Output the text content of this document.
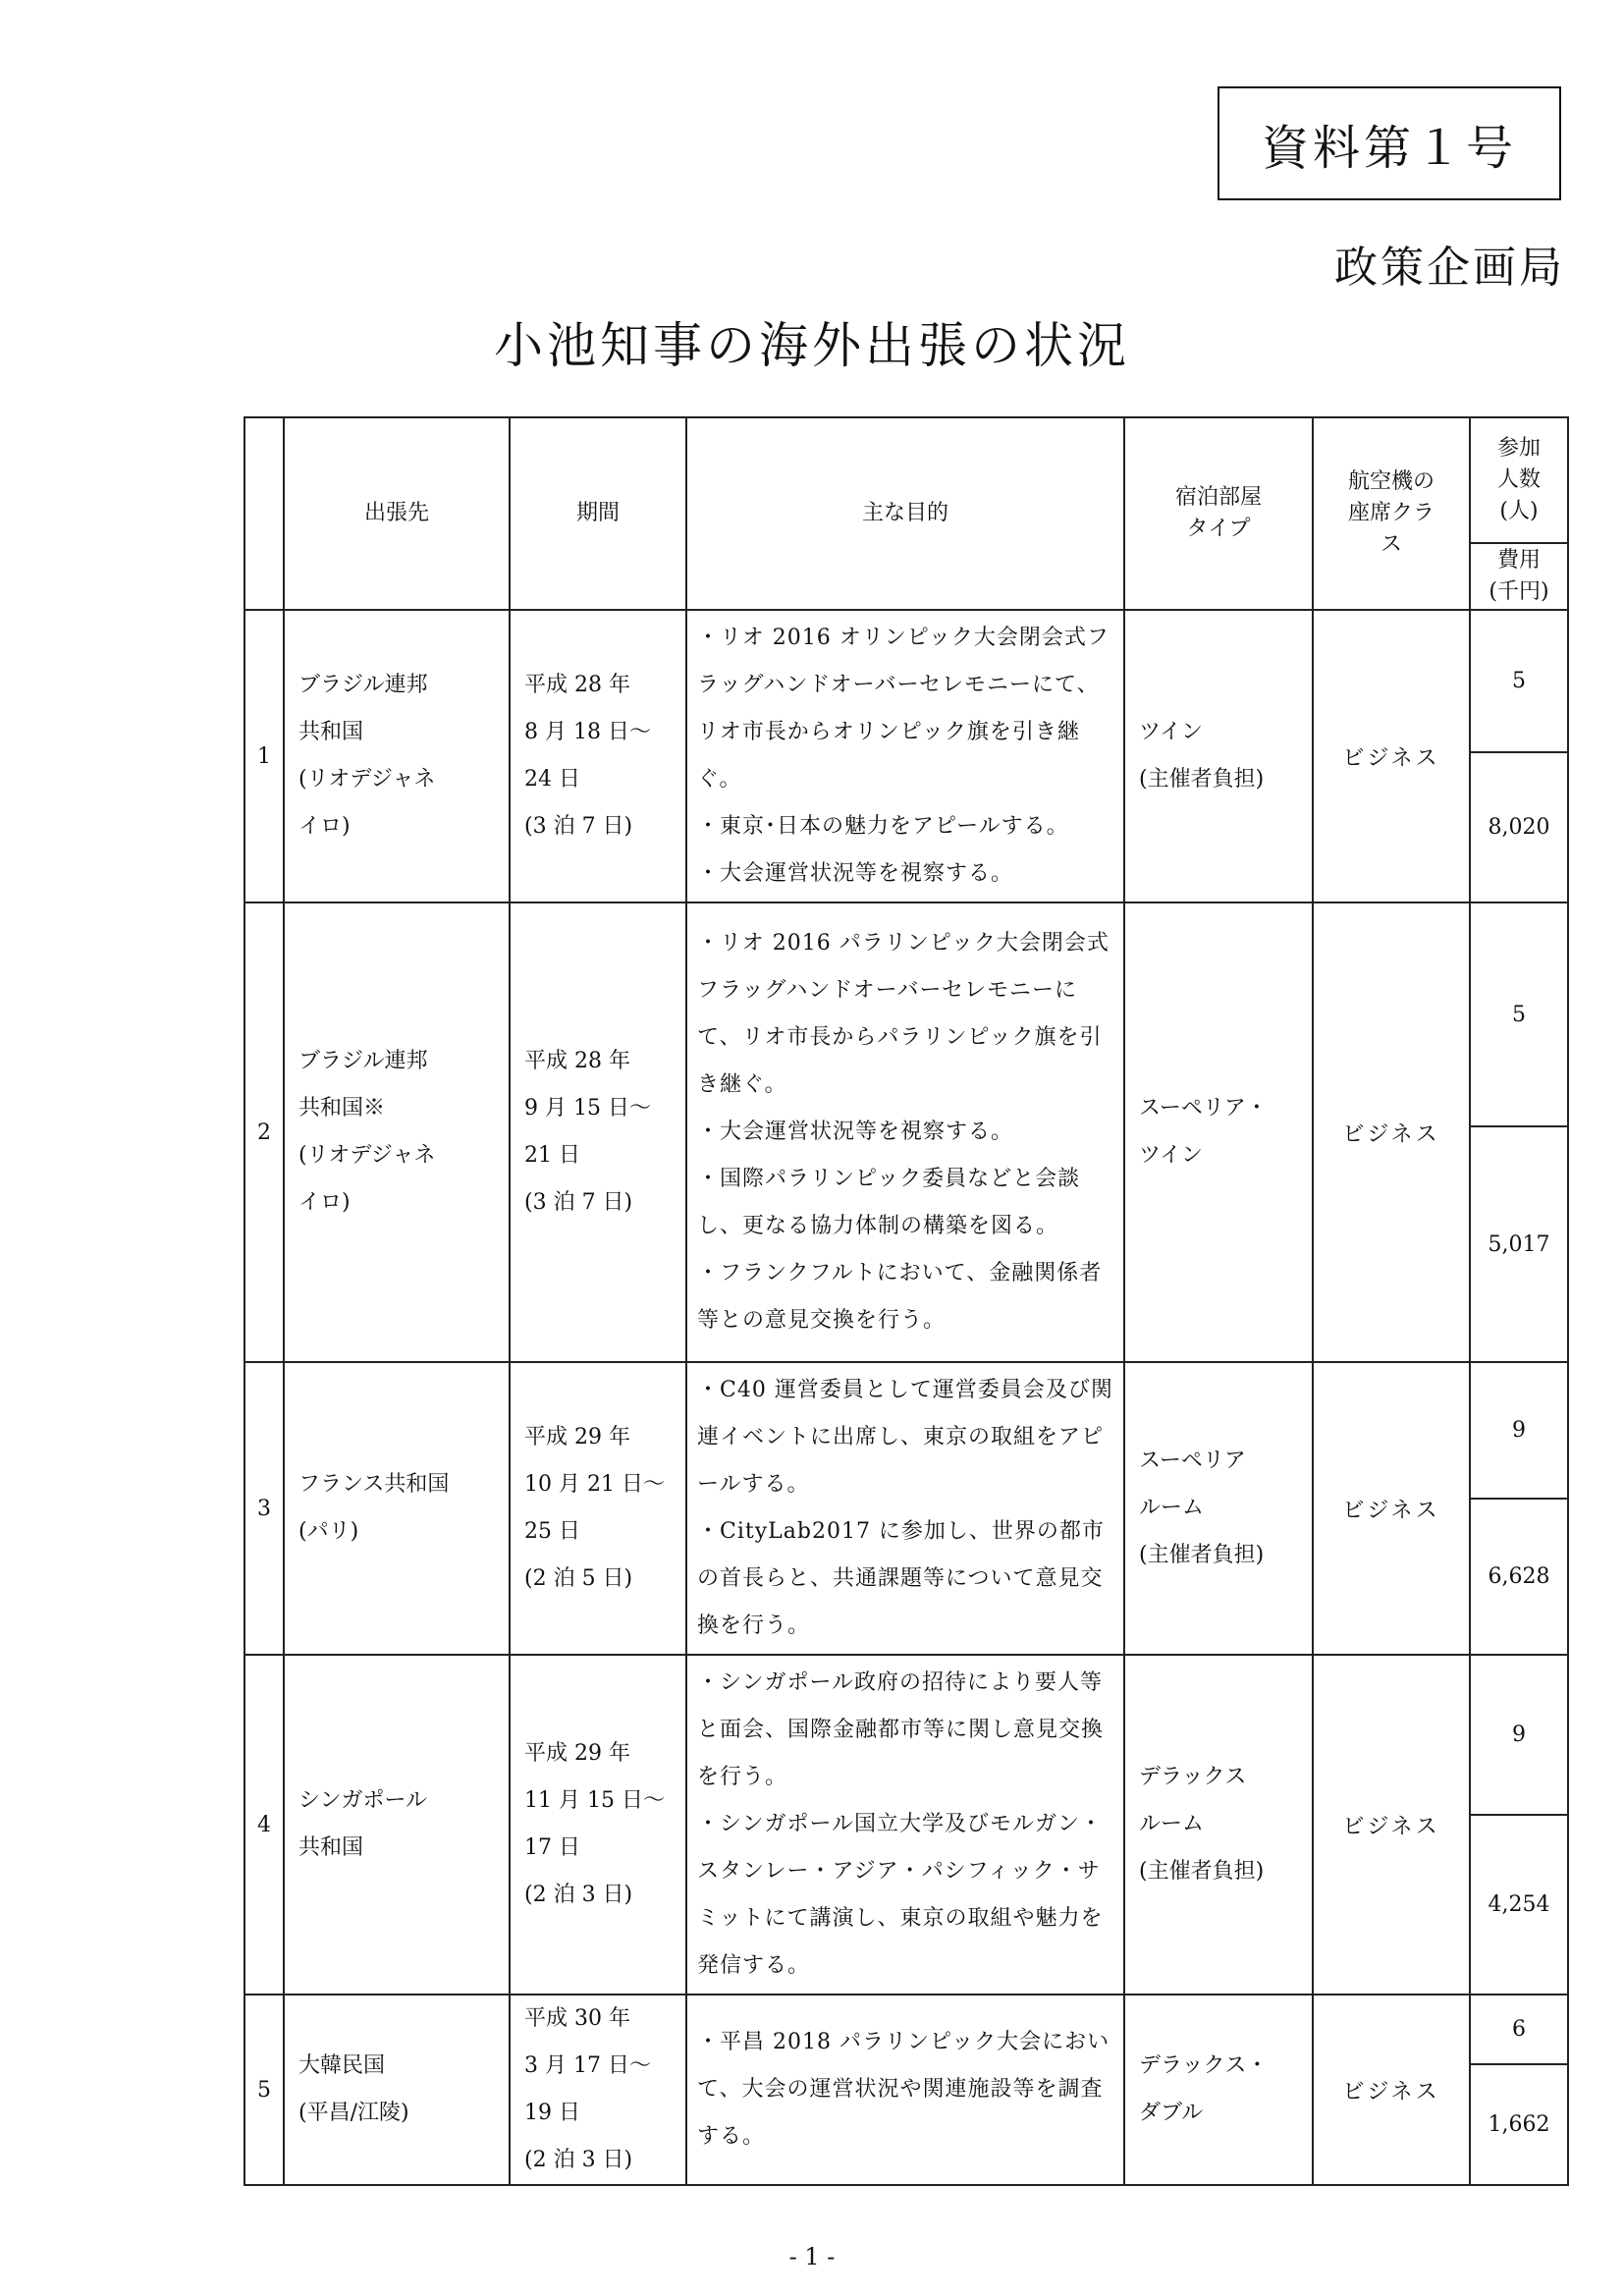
資料第１号
政策企画局
小池知事の海外出張の状況
	出張先	期間	主な目的	宿泊部屋
タイプ	航空機の
座席クラ
ス	参加
人数
(人)
						費用
(千円)
1	ブラジル連邦
共和国
(リオデジャネ
イロ)	平成 28 年
8 月 18 日～
24 日
(3 泊 7 日)	・リオ 2016 オリンピック大会閉会式フラッグハンドオーバーセレモニーにて、リオ市長からオリンピック旗を引き継ぐ。
・東京･日本の魅力をアピールする。
・大会運営状況等を視察する。	ツイン
(主催者負担)	ビジネス	5
						8,020
2	ブラジル連邦
共和国※
(リオデジャネ
イロ)	平成 28 年
9 月 15 日～
21 日
(3 泊 7 日)	・リオ 2016 パラリンピック大会閉会式フラッグハンドオーバーセレモニーにて、リオ市長からパラリンピック旗を引き継ぐ。
・大会運営状況等を視察する。
・国際パラリンピック委員などと会談し、更なる協力体制の構築を図る。
・フランクフルトにおいて、金融関係者等との意見交換を行う。	スーペリア・
ツイン	ビジネス	5
						5,017
3	フランス共和国
(パリ)	平成 29 年
10 月 21 日～
25 日
(2 泊 5 日)	・C40 運営委員として運営委員会及び関連イベントに出席し、東京の取組をアピールする。
・CityLab2017 に参加し、世界の都市の首長らと、共通課題等について意見交換を行う。	スーペリア
ルーム
(主催者負担)	ビジネス	9
						6,628
4	シンガポール
共和国	平成 29 年
11 月 15 日～
17 日
(2 泊 3 日)	・シンガポール政府の招待により要人等と面会、国際金融都市等に関し意見交換を行う。
・シンガポール国立大学及びモルガン・スタンレー・アジア・パシフィック・サミットにて講演し、東京の取組や魅力を発信する。	デラックス
ルーム
(主催者負担)	ビジネス	9
						4,254
5	大韓民国
(平昌/江陵)	平成 30 年
3 月 17 日～
19 日
(2 泊 3 日)	・平昌 2018 パラリンピック大会において、大会の運営状況や関連施設等を調査する。	デラックス・
ダブル	ビジネス	6
						1,662
- 1 -
